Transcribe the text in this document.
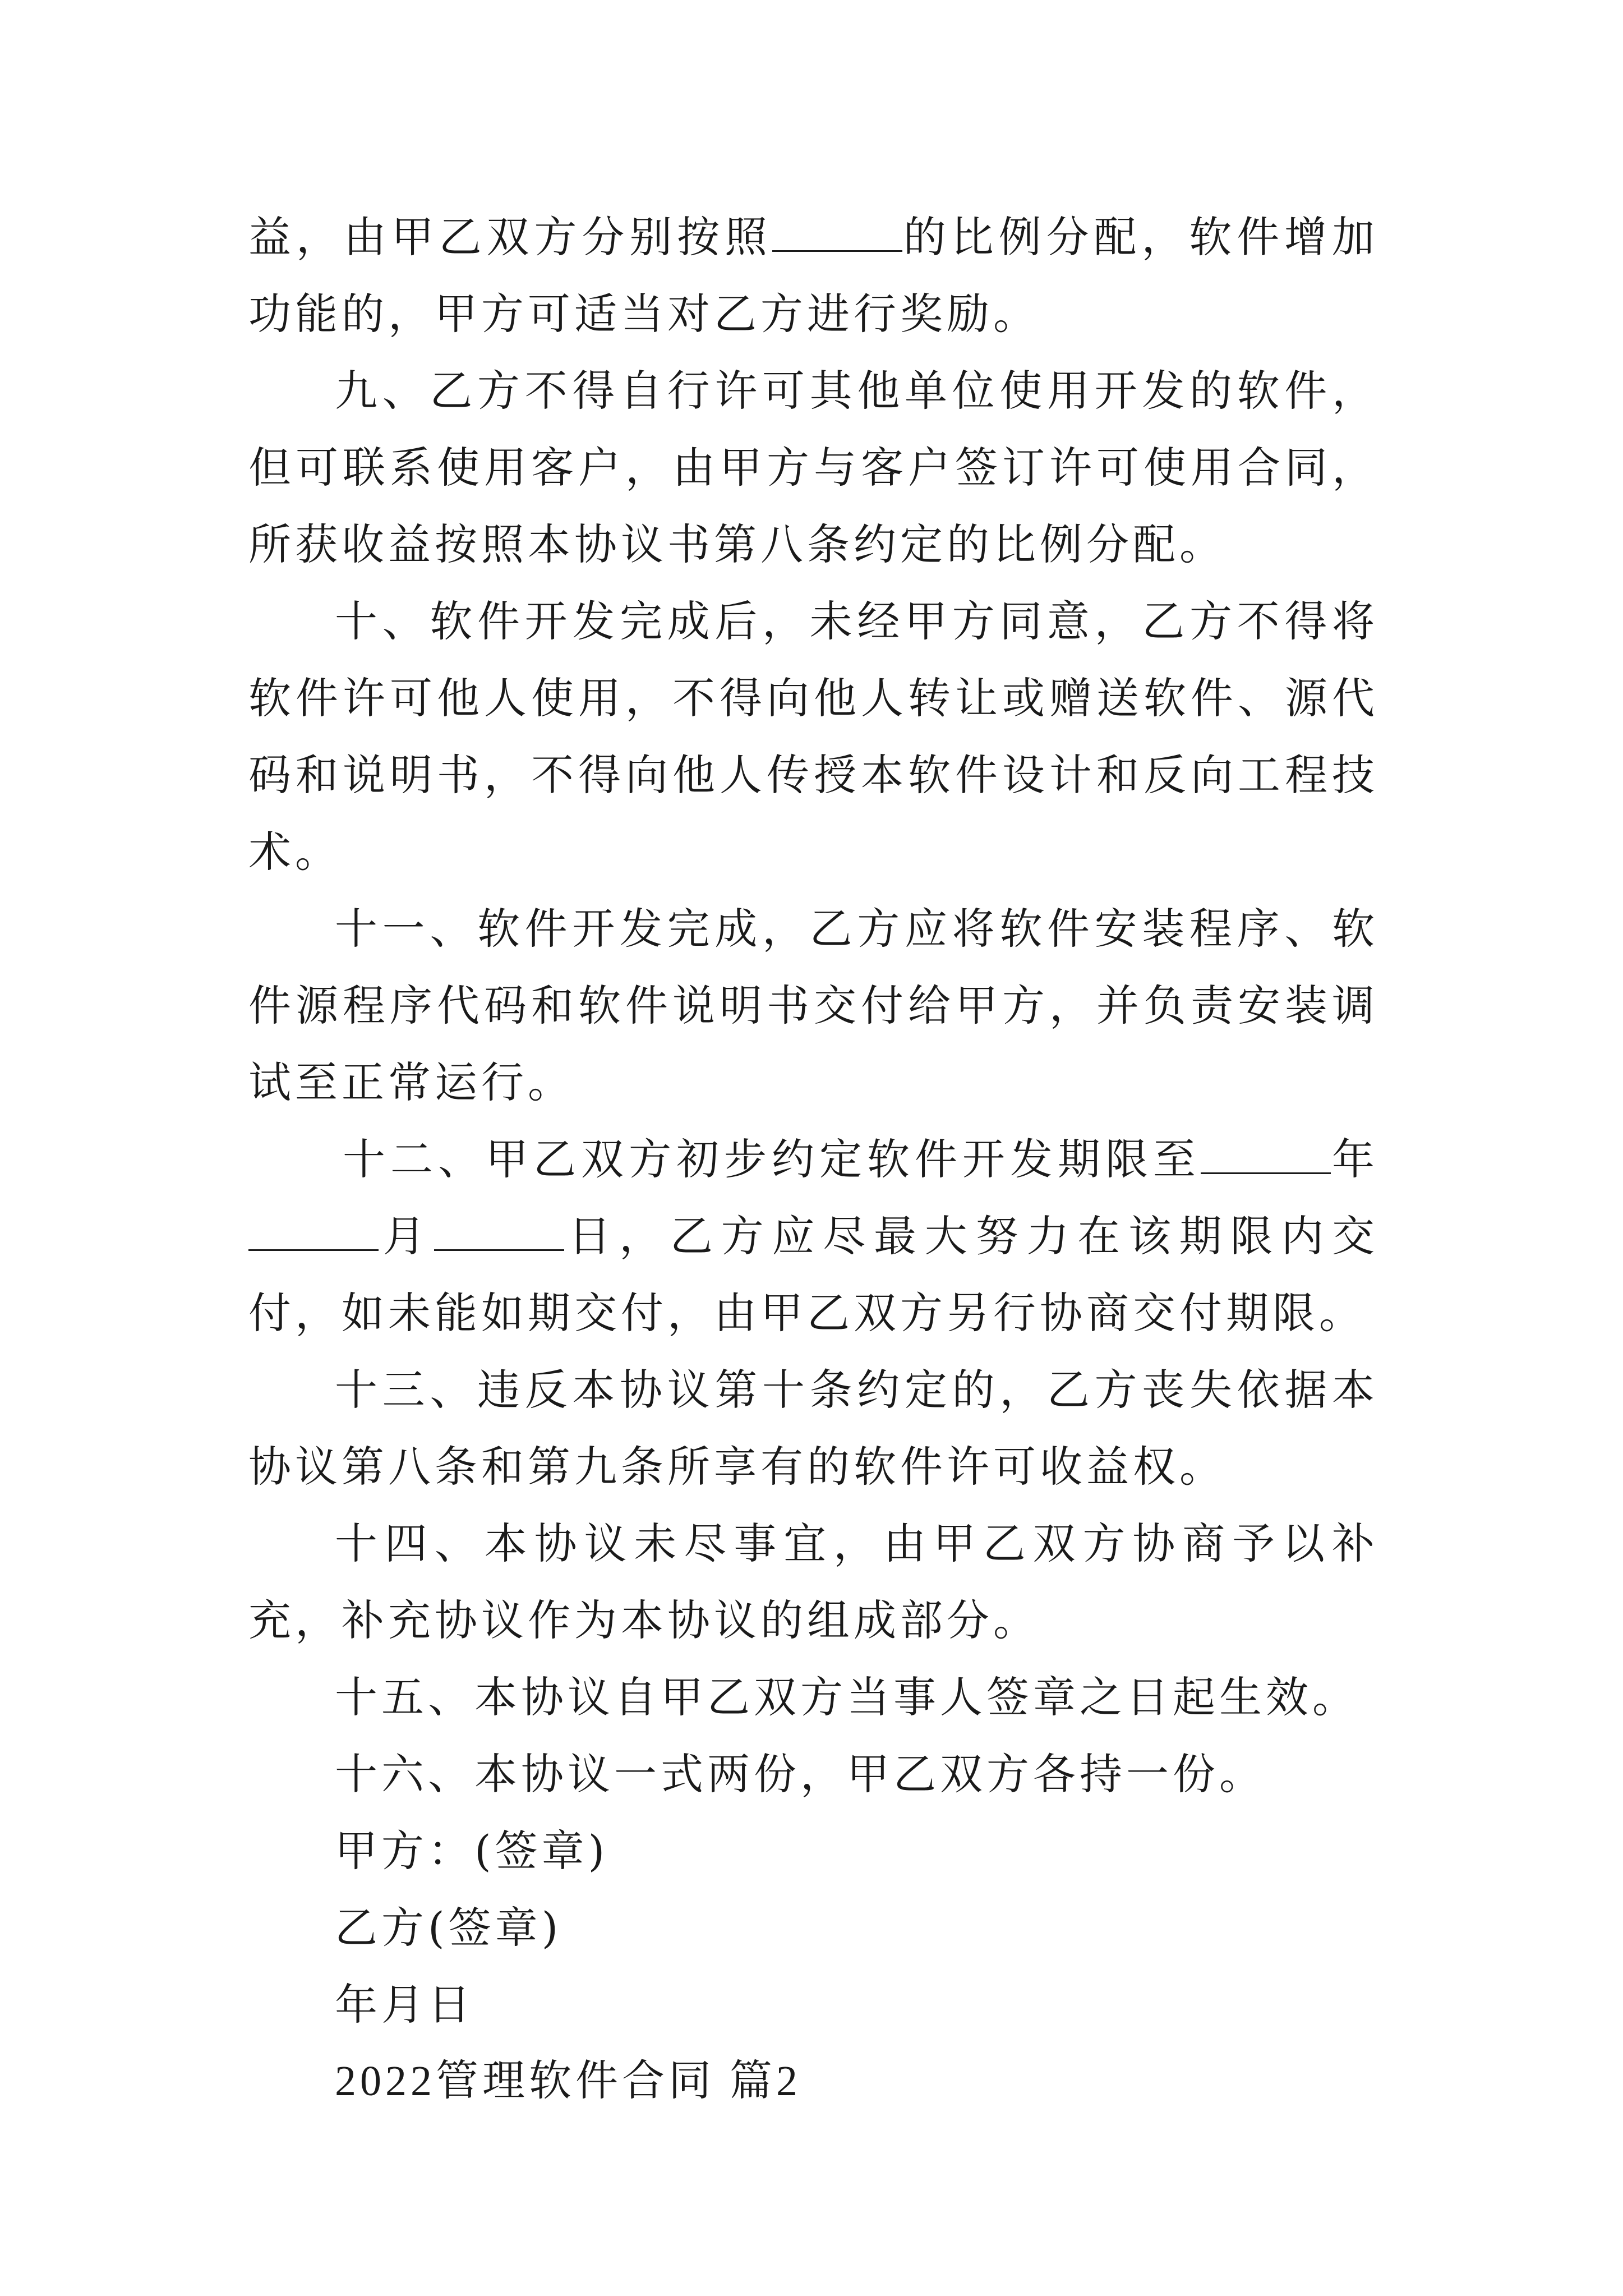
益，由甲乙双方分别按照	的比例分配，软件增加功能的，甲方可适当对乙方进行奖励。

九、乙方不得自行许可其他单位使用开发的软件，但可联系使用客户，由甲方与客户签订许可使用合同，所获收益按照本协议书第八条约定的比例分配。

十、软件开发完成后，未经甲方同意，乙方不得将软件许可他人使用，不得向他人转让或赠送软件、源代码和说明书，不得向他人传授本软件设计和反向工程技术。

十一、软件开发完成，乙方应将软件安装程序、软件源程序代码和软件说明书交付给甲方，并负责安装调试至正常运行。

十二、甲乙双方初步约定软件开发期限至	年月	日，乙方应尽最大努力在该期限内交付，如未能如期交付，由甲乙双方另行协商交付期限。

十三、违反本协议第十条约定的，乙方丧失依据本协议第八条和第九条所享有的软件许可收益权。

十四、本协议未尽事宜，由甲乙双方协商予以补充，补充协议作为本协议的组成部分。

十五、本协议自甲乙双方当事人签章之日起生效。

十六、本协议一式两份，甲乙双方各持一份。

甲方：(签章)

乙方(签章)

年月日

2022管理软件合同 篇2
